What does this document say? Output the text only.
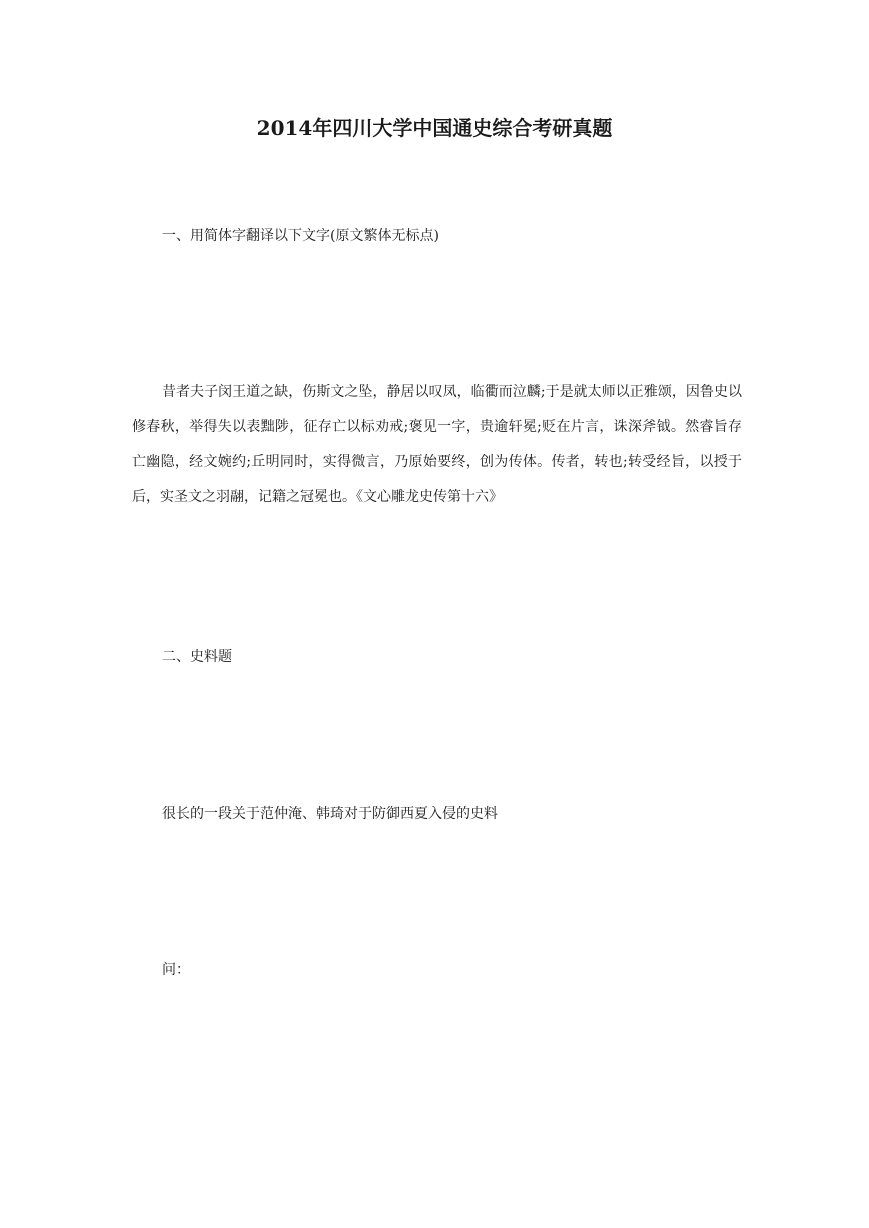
2014年四川大学中国通史综合考研真题

一、用简体字翻译以下文字(原文繁体无标点)

昔者夫子闵王道之缺，伤斯文之坠，静居以叹凤，临衢而泣麟;于是就太师以正雅颂，因鲁史以修春秋，举得失以表黜陟，征存亡以标劝戒;褒见一字，贵逾轩冕;贬在片言，诛深斧钺。然睿旨存亡幽隐，经文婉约;丘明同时，实得微言，乃原始要终，创为传体。传者，转也;转受经旨，以授于后，实圣文之羽翮，记籍之冠冕也。《文心雕龙史传第十六》

二、史料题

很长的一段关于范仲淹、韩琦对于防御西夏入侵的史料

问：
